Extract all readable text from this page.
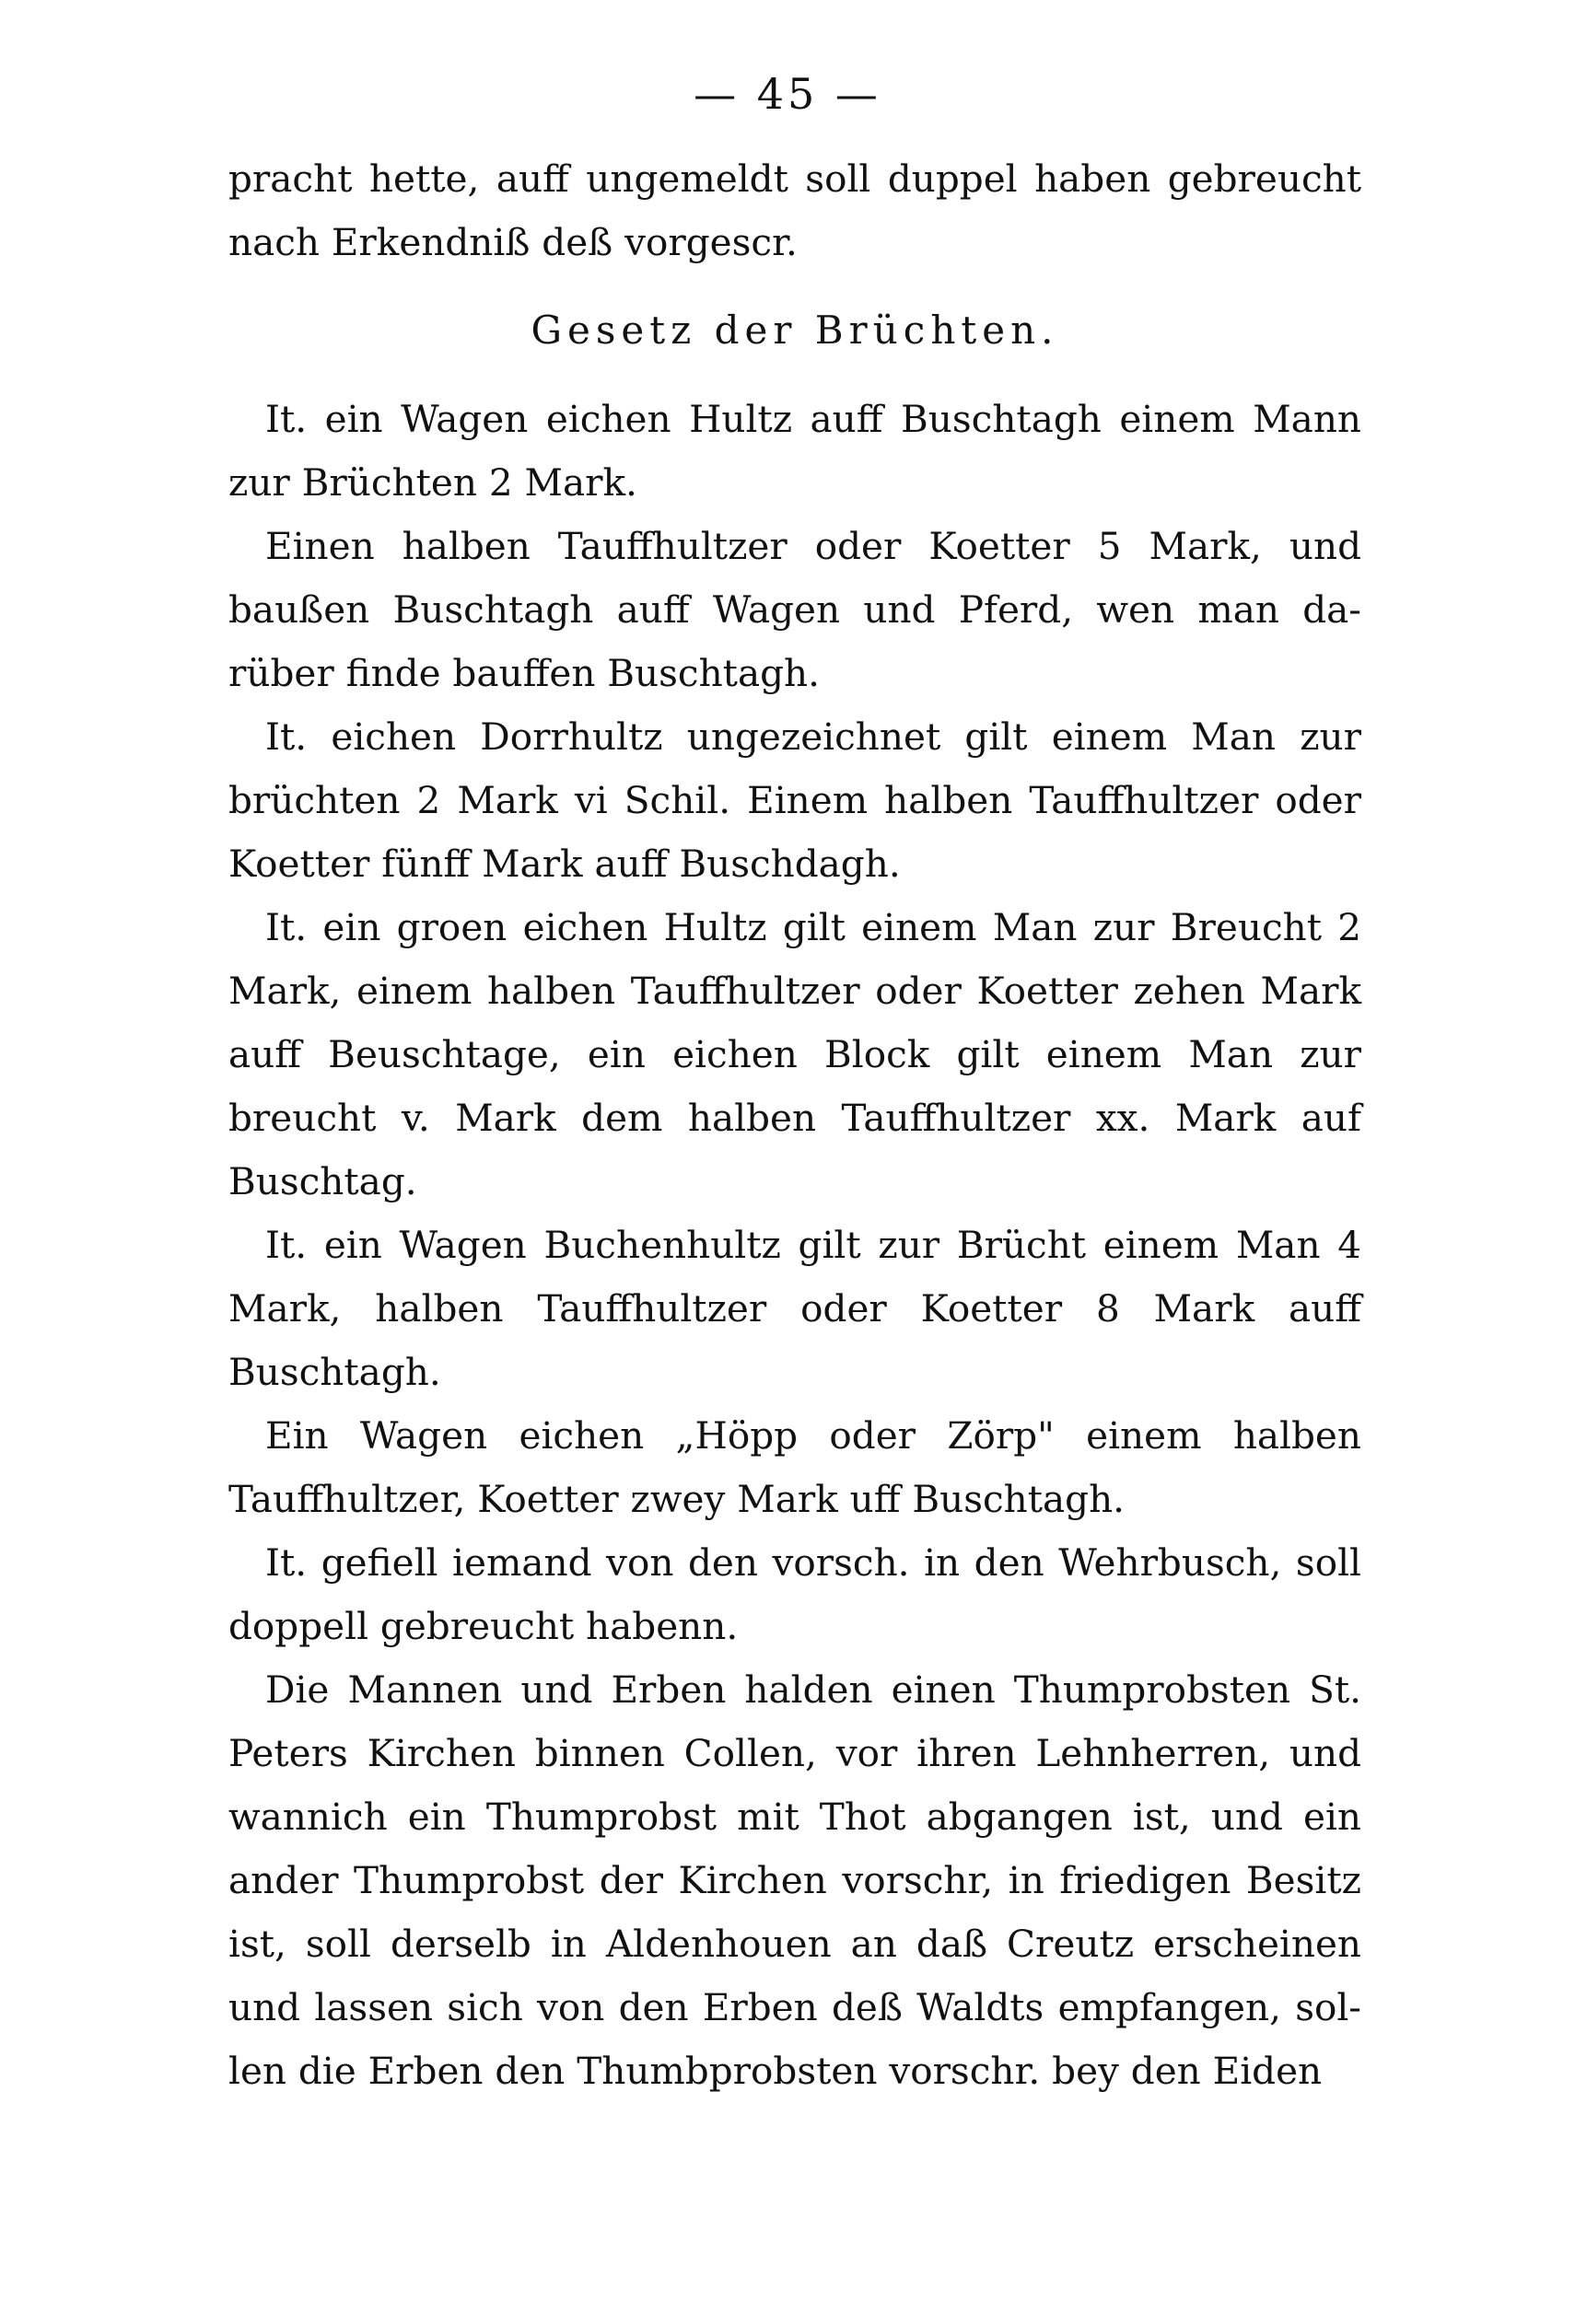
— 45 —

pracht hette, auff ungemeldt soll duppel haben gebreucht nach Erkendniß deß vorgescr.

Gesetz der Brüchten.

It. ein Wagen eichen Hultz auff Buschtagh einem Mann zur Brüchten 2 Mark.

Einen halben Tauffhultzer oder Koetter 5 Mark, und baußen Buschtagh auff Wagen und Pferd, wen man da- rüber finde bauffen Buschtagh.

It. eichen Dorrhultz ungezeichnet gilt einem Man zur brüchten 2 Mark vi Schil. Einem halben Tauffhultzer oder Koetter fünff Mark auff Buschdagh.

It. ein groen eichen Hultz gilt einem Man zur Breucht 2 Mark, einem halben Tauffhultzer oder Koetter zehen Mark auff Beuschtage, ein eichen Block gilt einem Man zur breucht v. Mark dem halben Tauffhultzer xx. Mark auf Buschtag.

It. ein Wagen Buchenhultz gilt zur Brücht einem Man 4 Mark, halben Tauffhultzer oder Koetter 8 Mark auff Buschtagh.

Ein Wagen eichen „Höpp oder Zörp" einem halben Tauffhultzer, Koetter zwey Mark uff Buschtagh.

It. gefiell iemand von den vorsch. in den Wehrbusch, soll doppell gebreucht habenn.

Die Mannen und Erben halden einen Thumprobsten St. Peters Kirchen binnen Collen, vor ihren Lehnherren, und wannich ein Thumprobst mit Thot abgangen ist, und ein ander Thumprobst der Kirchen vorschr, in friedigen Besitz ist, soll derselb in Aldenhouen an daß Creutz erscheinen und lassen sich von den Erben deß Waldts empfangen, sol- len die Erben den Thumbprobsten vorschr. bey den Eiden
